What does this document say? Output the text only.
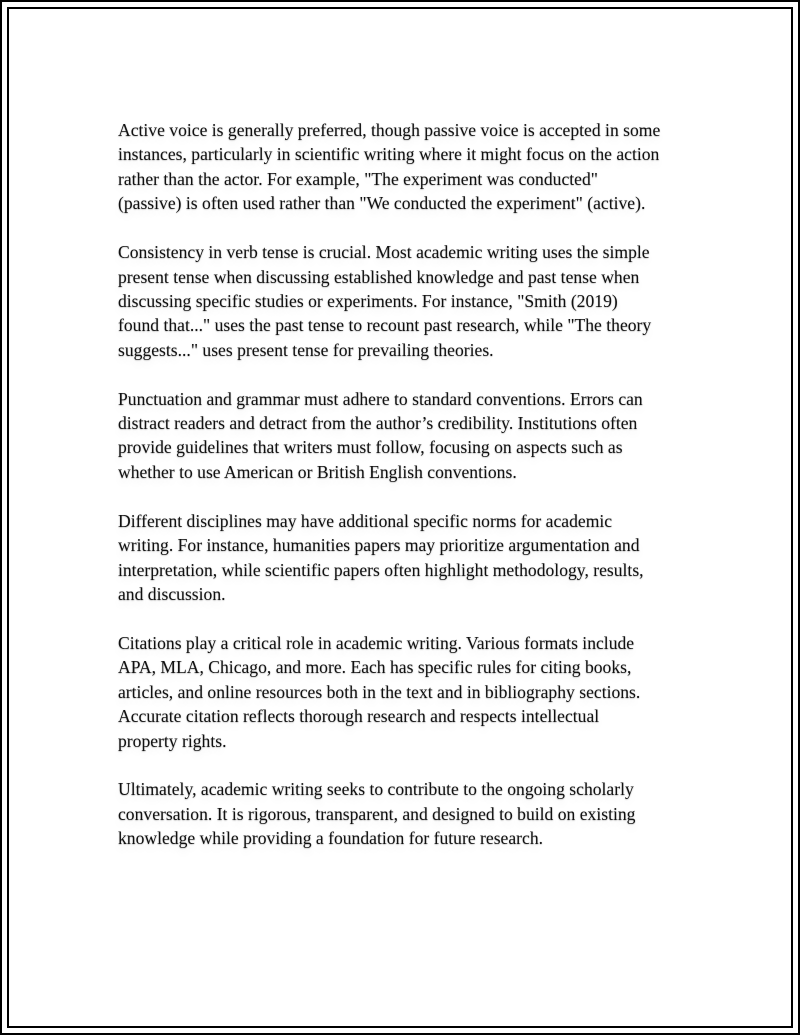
Active voice is generally preferred, though passive voice is accepted in some
instances, particularly in scientific writing where it might focus on the action
rather than the actor. For example, "The experiment was conducted"
(passive) is often used rather than "We conducted the experiment" (active).

Consistency in verb tense is crucial. Most academic writing uses the simple
present tense when discussing established knowledge and past tense when
discussing specific studies or experiments. For instance, "Smith (2019)
found that..." uses the past tense to recount past research, while "The theory
suggests..." uses present tense for prevailing theories.

Punctuation and grammar must adhere to standard conventions. Errors can
distract readers and detract from the author’s credibility. Institutions often
provide guidelines that writers must follow, focusing on aspects such as
whether to use American or British English conventions.

Different disciplines may have additional specific norms for academic
writing. For instance, humanities papers may prioritize argumentation and
interpretation, while scientific papers often highlight methodology, results,
and discussion.

Citations play a critical role in academic writing. Various formats include
APA, MLA, Chicago, and more. Each has specific rules for citing books,
articles, and online resources both in the text and in bibliography sections.
Accurate citation reflects thorough research and respects intellectual
property rights.

Ultimately, academic writing seeks to contribute to the ongoing scholarly
conversation. It is rigorous, transparent, and designed to build on existing
knowledge while providing a foundation for future research.
